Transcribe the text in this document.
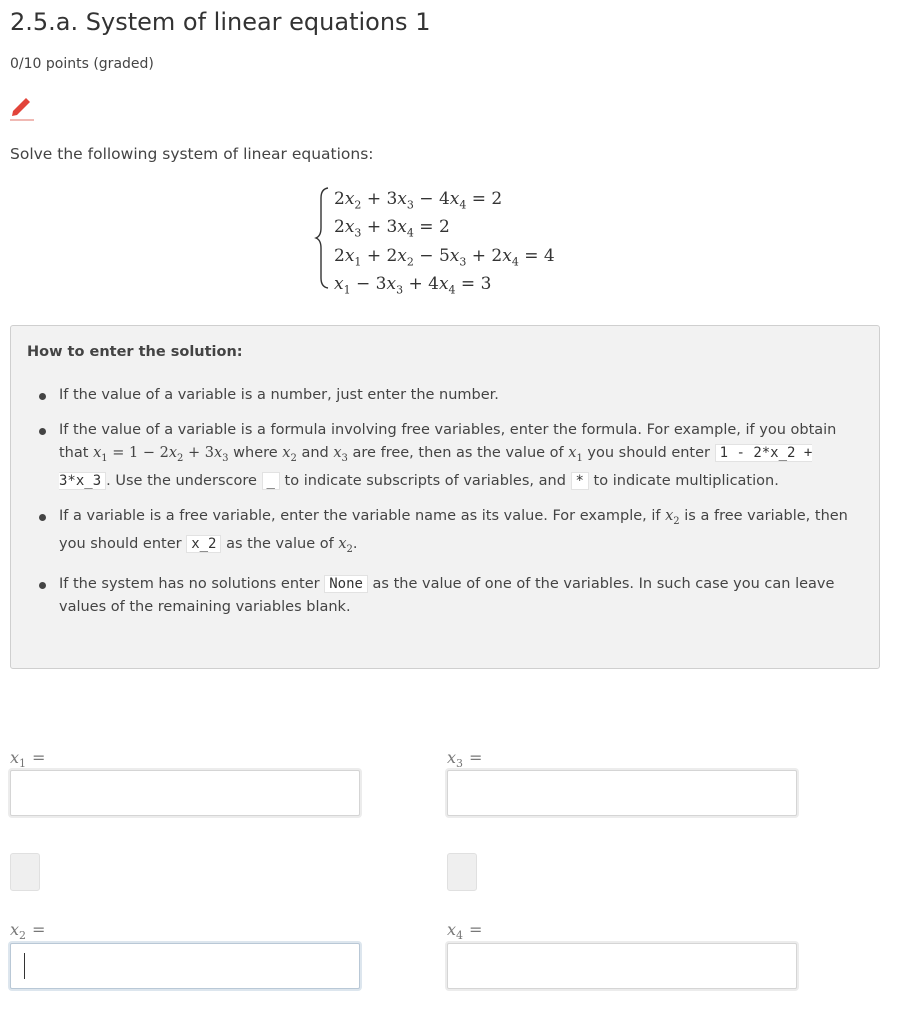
2.5.a. System of linear equations 1
0/10 points (graded)
Solve the following system of linear equations:
$2x_2 + 3x_3 - 4x_4 = 2$
$2x_3 + 3x_4 = 2$
$2x_1 + 2x_2 - 5x_3 + 2x_4 = 4$
$x_1 - 3x_3 + 4x_4 = 3$
How to enter the solution:
If the value of a variable is a number, just enter the number.
If the value of a variable is a formula involving free variables, enter the formula. For example, if you obtain that $x_1 = 1 - 2x_2 + 3x_3$ where $x_2$ and $x_3$ are free, then as the value of $x_1$ you should enter 1 - 2*x_2 + 3*x_3 . Use the underscore _ to indicate subscripts of variables, and * to indicate multiplication.
If a variable is a free variable, enter the variable name as its value. For example, if $x_2$ is a free variable, then you should enter x_2 as the value of $x_2$.
If the system has no solutions enter None as the value of one of the variables. In such case you can leave values of the remaining variables blank.
$x_1$ =	$x_3$ =
$x_2$ =	$x_4$ =
